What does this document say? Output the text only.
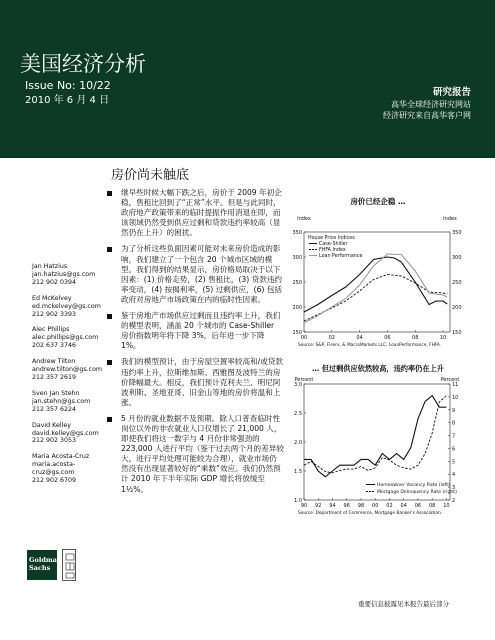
美国经济分析
Issue No: 10/22
2010 年 6 月 4 日
研究报告
高华全球经济研究网站
经济研究来自高华客户网
Jan Hatzius
jan.hatzius@gs.com
212 902 0394
Ed McKelvey
ed.mckelvey@gs.com
212 902 3393
Alec Phillips
alec.phillips@gs.com
202 637 3746
Andrew Tilton
andrew.tilton@gs.com
212 357 2619
Sven Jan Stehn
jan.stehn@gs.com
212 357 6224
David Kelley
david.kelley@gs.com
212 902 3053
Maria Acosta-Cruz
maria.acosta-cruz@gs.com
212 902 6709
Goldman Sachs
房价尚未触底
继早些时候大幅下跌之后，房价于 2009 年初企稳，售租比回到了“正常”水平。但是与此同时，政府地产政策带来的临时提振作用消退在即，而该领域仍然受到供应过剩和贷款违约率较高（显然仍在上升）的困扰。
为了分析这些负面因素可能对未来房价造成的影响，我们建立了一个包含 20 个城市区域的模型。我们得到的结果显示，房价格局取决于以下因素：(1) 价格走势，(2) 售租比，(3) 贷款违约率变动，(4) 按揭利率，(5) 过剩供应，(6) 包括政府对房地产市场政策在内的临时性因素。
鉴于房地产市场供应过剩而且违约率上升，我们的模型表明，涵盖 20 个城市的 Case-Shiller 房价指数明年将下降 3%，后年进一步下降 1%。
我们的模型预计，由于房屋空置率较高和/或贷款违约率上升，拉斯维加斯、西雅图及波特兰的房价降幅最大。相反，我们预计克利夫兰、明尼阿波利斯、圣地亚哥、旧金山等地的房价将温和上涨。
5 月份的就业数据不及预期。除人口普查临时性岗位以外的非农就业人口仅增长了 21,000 人，即使我们将这一数字与 4 月份非常强劲的 223,000 人进行平均（鉴于过去两个月的差异较大，进行平均处理可能较为合理），就业市场仍然没有出现显著较好的“乘数”效应。我们仍然预计 2010 年下半年实际 GDP 增长将放缓至 1½%。
房价已经企稳 …
Index	Index
150	150
200	200
250	250
300	300
350	350
00	02	04	06	08	10
House Price Indices
Case-Shiller
FHFA Index
Loan Performance
Source: S&P, Fiserv, & MacroMarkets LLC, LoanPerformance, FHFA.
… 但过剩供应依然较高，违约率仍在上升
Percent	Percent
1.0
1.5
2.0
2.5
3.0
2
3
4
5
6
7
8
9
10
11
90 92 94 96 98 00 02 04 06 08 10
Homeowner Vacancy Rate (left)
Mortgage Delinquency Rate (right)
Source: Department of Commerce, Mortgage Banker's Association.
重要信息披露见本报告最后部分
